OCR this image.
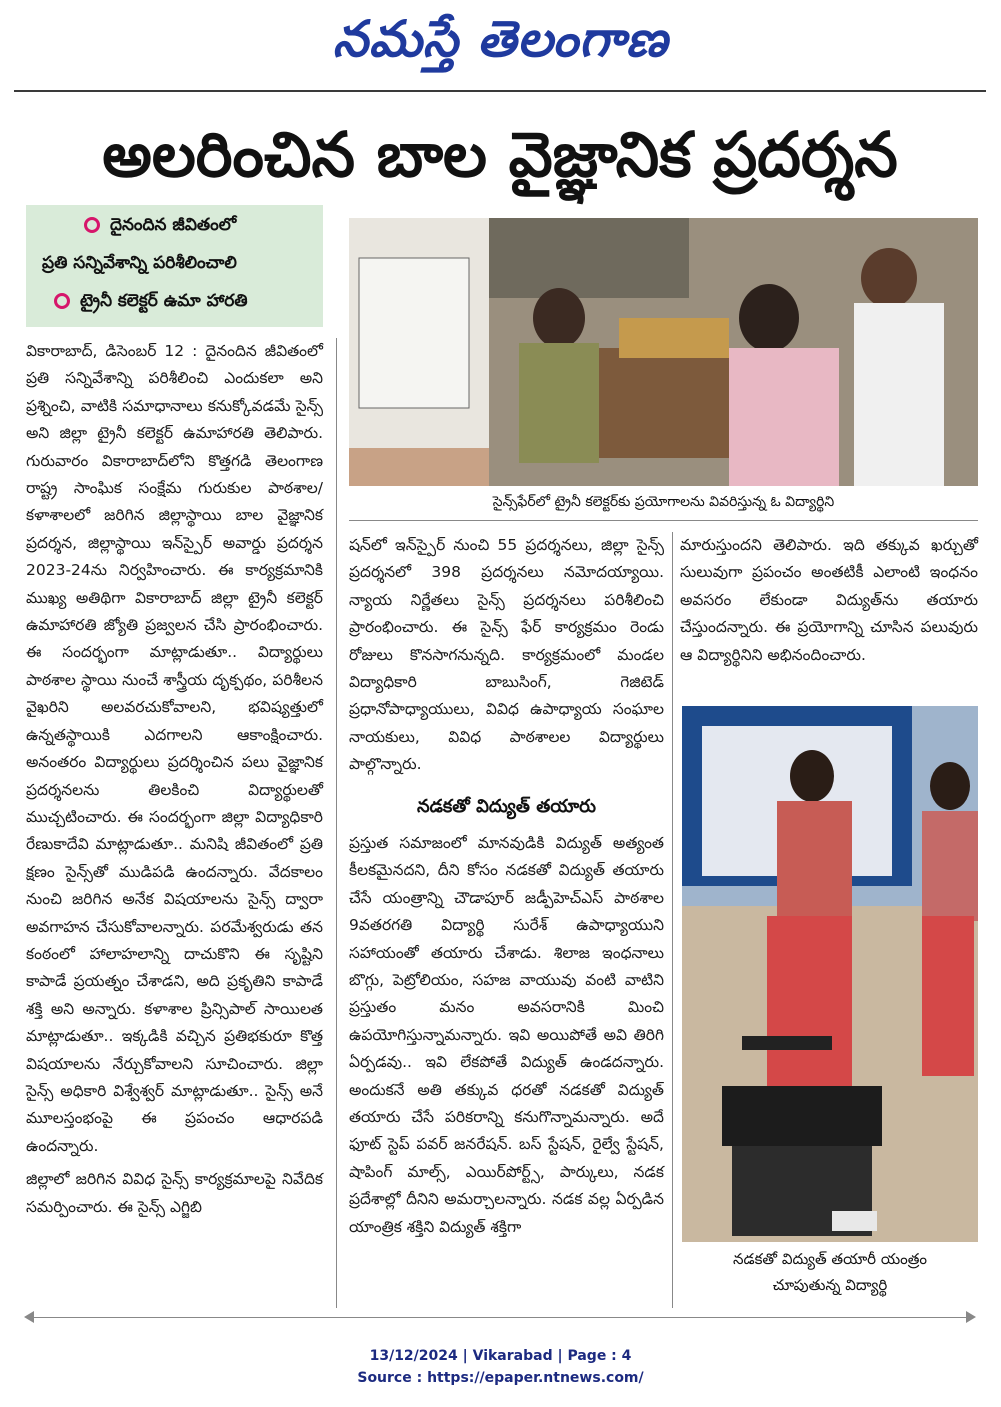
నమస్తే తెలంగాణ
అలరించిన బాల వైజ్ఞానిక ప్రదర్శన
దైనందిన జీవితంలో
ప్రతి సన్నివేశాన్ని పరిశీలించాలి
ట్రైనీ కలెక్టర్ ఉమా హారతి
సైన్స్‌ఫేర్‌లో ట్రైనీ కలెక్టర్‌కు ప్రయోగాలను వివరిస్తున్న ఓ విద్యార్థిని

వికారాబాద్, డిసెంబర్ 12 : దైనందిన జీవితంలో ప్రతి సన్నివేశాన్ని పరిశీలించి ఎందుకలా అని ప్రశ్నించి, వాటికి సమాధానాలు కనుక్కోవడమే సైన్స్ అని జిల్లా ట్రైనీ కలెక్టర్ ఉమాహారతి తెలిపారు. గురువారం వికారాబాద్‌లోని కొత్తగడి తెలంగాణ రాష్ట్ర సాంఘిక సంక్షేమ గురుకుల పాఠశాల/కళాశాలలో జరిగిన జిల్లాస్థాయి బాల వైజ్ఞానిక ప్రదర్శన, జిల్లాస్థాయి ఇన్‌స్పైర్ అవార్డు ప్రదర్శన 2023-24ను నిర్వహించారు. ఈ కార్యక్రమానికి ముఖ్య అతిథిగా వికారాబాద్ జిల్లా ట్రైనీ కలెక్టర్ ఉమాహారతి జ్యోతి ప్రజ్వలన చేసి ప్రారంభించారు. ఈ సందర్భంగా మాట్లాడుతూ.. విద్యార్థులు పాఠశాల స్థాయి నుంచే శాస్త్రీయ దృక్పథం, పరిశీలన వైఖరిని అలవరచుకోవాలని, భవిష్యత్తులో ఉన్నతస్థాయికి ఎదగాలని ఆకాంక్షించారు. అనంతరం విద్యార్థులు ప్రదర్శించిన పలు వైజ్ఞానిక ప్రదర్శనలను తిలకించి విద్యార్థులతో ముచ్చటించారు. ఈ సందర్భంగా జిల్లా విద్యాధికారి రేణుకాదేవి మాట్లాడుతూ.. మనిషి జీవితంలో ప్రతి క్షణం సైన్స్‌తో ముడిపడి ఉందన్నారు. వేదకాలం నుంచి జరిగిన అనేక విషయాలను సైన్స్ ద్వారా అవగాహన చేసుకోవాలన్నారు. పరమేశ్వరుడు తన కంఠంలో హాలాహలాన్ని దాచుకొని ఈ సృష్టిని కాపాడే ప్రయత్నం చేశాడని, అది ప్రకృతిని కాపాడే శక్తి అని అన్నారు. కళాశాల ప్రిన్సిపాల్ సాయిలత మాట్లాడుతూ.. ఇక్కడికి వచ్చిన ప్రతిభకురూ కొత్త విషయాలను నేర్చుకోవాలని సూచించారు. జిల్లా సైన్స్ అధికారి విశ్వేశ్వర్ మాట్లాడుతూ.. సైన్స్ అనే మూలస్తంభంపై ఈ ప్రపంచం ఆధారపడి ఉందన్నారు.

జిల్లాలో జరిగిన వివిధ సైన్స్ కార్యక్రమాలపై నివేదిక సమర్పించారు. ఈ సైన్స్ ఎగ్జిబి

షన్‌లో ఇన్‌స్పైర్ నుంచి 55 ప్రదర్శనలు, జిల్లా సైన్స్ ప్రదర్శనలో 398 ప్రదర్శనలు నమోదయ్యాయి. న్యాయ నిర్ణేతలు సైన్స్ ప్రదర్శనలు పరిశీలించి ప్రారంభించారు. ఈ సైన్స్ ఫేర్ కార్యక్రమం రెండు రోజులు కొనసాగనున్నది. కార్యక్రమంలో మండల విద్యాధికారి బాబుసింగ్, గెజిటెడ్ ప్రధానోపాధ్యాయులు, వివిధ ఉపాధ్యాయ సంఘాల నాయకులు, వివిధ పాఠశాలల విద్యార్థులు పాల్గొన్నారు.

నడకతో విద్యుత్ తయారు

ప్రస్తుత సమాజంలో మానవుడికి విద్యుత్ అత్యంత కీలకమైనదని, దీని కోసం నడకతో విద్యుత్ తయారు చేసే యంత్రాన్ని చౌడాపూర్ జడ్పీహెచ్‌ఎస్ పాఠశాల 9వతరగతి విద్యార్థి సురేశ్ ఉపాధ్యాయుని సహాయంతో తయారు చేశాడు. శిలాజ ఇంధనాలు బొగ్గు, పెట్రోలియం, సహజ వాయువు వంటి వాటిని ప్రస్తుతం మనం అవసరానికి మించి ఉపయోగిస్తున్నామన్నారు. ఇవి అయిపోతే అవి తిరిగి ఏర్పడవు.. ఇవి లేకపోతే విద్యుత్ ఉండదన్నారు. అందుకనే అతి తక్కువ ధరతో నడకతో విద్యుత్ తయారు చేసే పరికరాన్ని కనుగొన్నామన్నారు. అదే ఫూట్ స్టెప్ పవర్ జనరేషన్. బస్ స్టేషన్, రైల్వే స్టేషన్, షాపింగ్ మాల్స్, ఎయిర్‌పోర్ట్స్, పార్కులు, నడక ప్రదేశాల్లో దీనిని అమర్చాలన్నారు. నడక వల్ల ఏర్పడిన యాంత్రిక శక్తిని విద్యుత్ శక్తిగా

మారుస్తుందని తెలిపారు. ఇది తక్కువ ఖర్చుతో సులువుగా ప్రపంచం అంతటికీ ఎలాంటి ఇంధనం అవసరం లేకుండా విద్యుత్‌ను తయారు చేస్తుందన్నారు. ఈ ప్రయోగాన్ని చూసిన పలువురు ఆ విద్యార్థినిని అభినందించారు.

నడకతో విద్యుత్ తయారీ యంత్రం
చూపుతున్న విద్యార్థి
13/12/2024 | Vikarabad | Page : 4
Source : https://epaper.ntnews.com/
